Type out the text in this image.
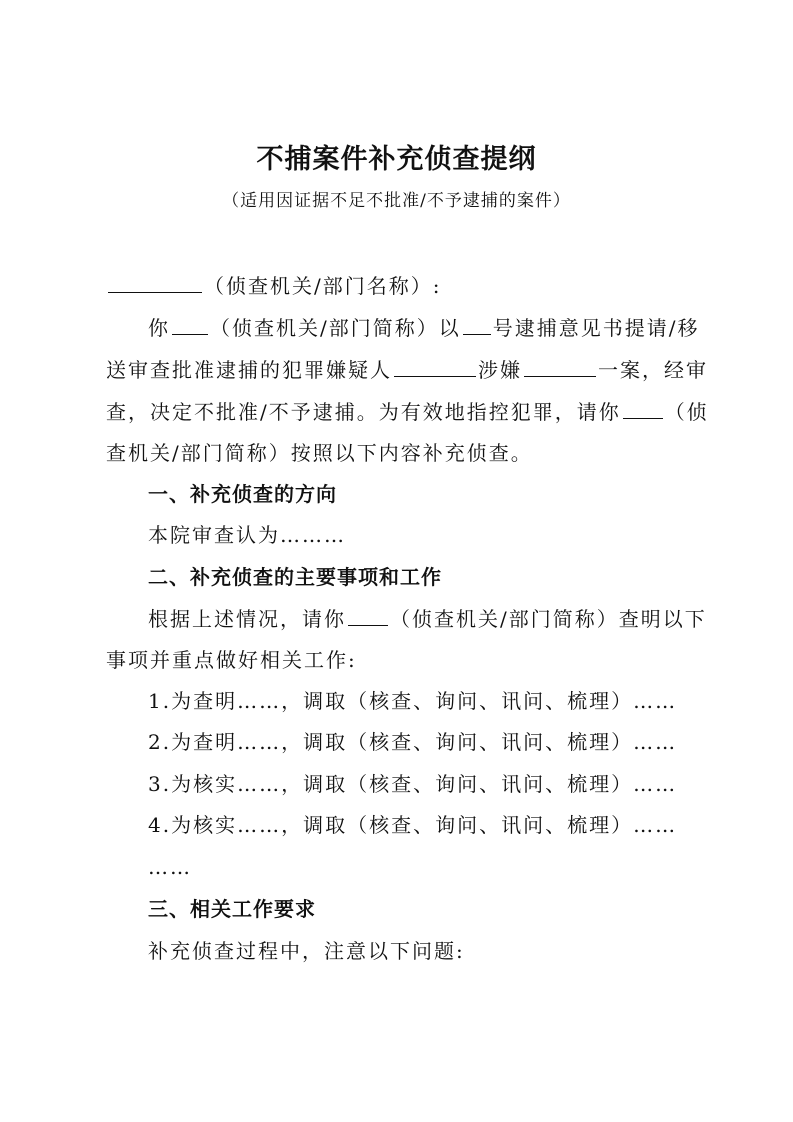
不捕案件补充侦查提纲
（适用因证据不足不批准/不予逮捕的案件）
（侦查机关/部门名称）:
你 （侦查机关/部门简称）以 号逮捕意见书提请/移
送审查批准逮捕的犯罪嫌疑人	涉嫌	一案，经审
查，决定不批准/不予逮捕。为有效地指控犯罪，请你 （侦
查机关/部门简称）按照以下内容补充侦查。
一、补充侦查的方向
本院审查认为………
二、补充侦查的主要事项和工作
根据上述情况，请你 （侦查机关/部门简称）查明以下
事项并重点做好相关工作:
1.为查明……，调取（核查、询问、讯问、梳理）……
2.为查明……，调取（核查、询问、讯问、梳理）……
3.为核实……，调取（核查、询问、讯问、梳理）……
4.为核实……，调取（核查、询问、讯问、梳理）……
……
三、相关工作要求
补充侦查过程中，注意以下问题:
